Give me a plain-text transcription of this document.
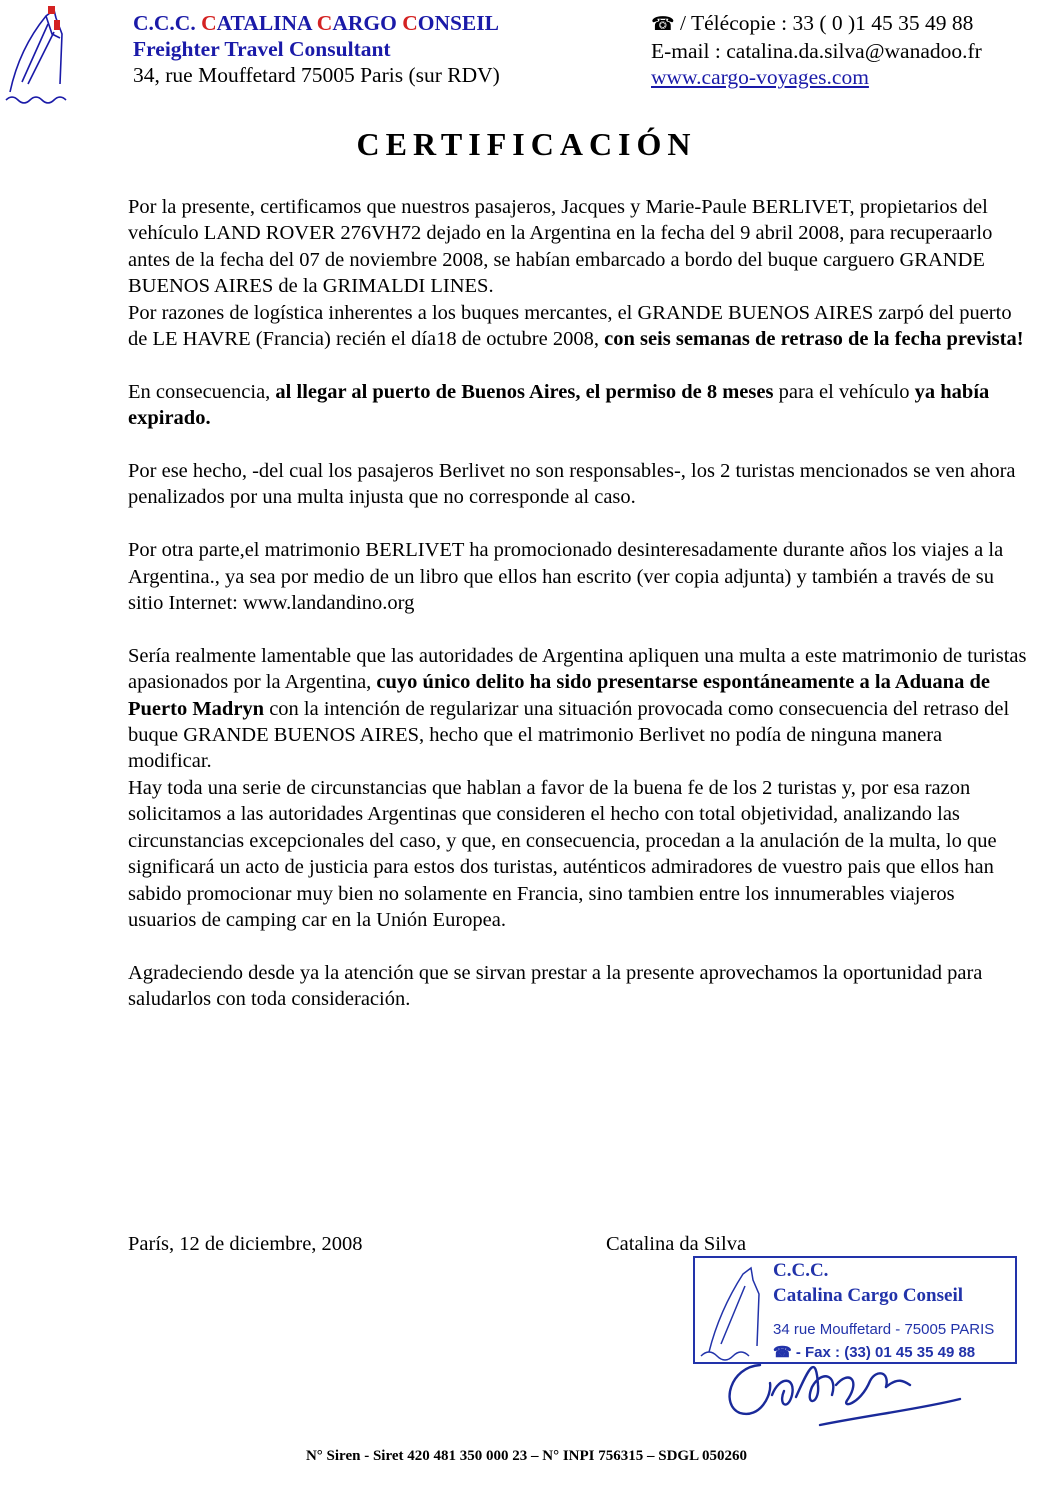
C.C.C. CATALINA CARGO CONSEIL
Freighter Travel Consultant
34, rue Mouffetard 75005 Paris (sur RDV)
☎ / Télécopie : 33 ( 0 )1 45 35 49 88
E-mail : catalina.da.silva@wanadoo.fr
www.cargo-voyages.com
CERTIFICACIÓN

Por la presente, certificamos que nuestros pasajeros, Jacques y Marie-Paule BERLIVET, propietarios del vehículo LAND ROVER 276VH72 dejado en la Argentina en la fecha del 9 abril 2008, para recuperaarlo antes de la fecha del 07 de noviembre 2008, se habían embarcado a bordo del buque carguero GRANDE BUENOS AIRES de la GRIMALDI LINES.

Por razones de logística inherentes a los buques mercantes, el GRANDE BUENOS AIRES zarpó del puerto de LE HAVRE (Francia) recién el día18 de octubre 2008, con seis semanas de retraso de la fecha prevista!

En consecuencia, al llegar al puerto de Buenos Aires, el permiso de 8 meses para el vehículo ya había expirado.

Por ese hecho, -del cual los pasajeros Berlivet no son responsables-, los 2 turistas mencionados se ven ahora penalizados por una multa injusta que no corresponde al caso.

Por otra parte,el matrimonio BERLIVET ha promocionado desinteresadamente durante años los viajes a la Argentina., ya sea por medio de un libro que ellos han escrito (ver copia adjunta) y también a través de su sitio Internet: www.landandino.org

Sería realmente lamentable que las autoridades de Argentina apliquen una multa a este matrimonio de turistas apasionados por la Argentina, cuyo único delito ha sido presentarse espontáneamente a la Aduana de Puerto Madryn con la intención de regularizar una situación provocada como consecuencia del retraso del buque GRANDE BUENOS AIRES, hecho que el matrimonio Berlivet no podía de ninguna manera modificar.

Hay toda una serie de circunstancias que hablan a favor de la buena fe de los 2 turistas y, por esa razon solicitamos a las autoridades Argentinas que consideren el hecho con total objetividad, analizando las circunstancias excepcionales del caso, y que, en consecuencia, procedan a la anulación de la multa, lo que significará un acto de justicia para estos dos turistas, auténticos admiradores de vuestro pais que ellos han sabido promocionar muy bien no solamente en Francia, sino tambien entre los innumerables viajeros usuarios de camping car en la Unión Europea.

Agradeciendo desde ya la atención que se sirvan prestar a la presente aprovechamos la oportunidad para saludarlos con toda consideración.

París, 12 de diciembre, 2008	Catalina da Silva
C.C.C.
Catalina Cargo Conseil
34 rue Mouffetard - 75005 PARIS
☎ - Fax : (33) 01 45 35 49 88
N° Siren - Siret 420 481 350 000 23 – N° INPI 756315 – SDGL 050260
